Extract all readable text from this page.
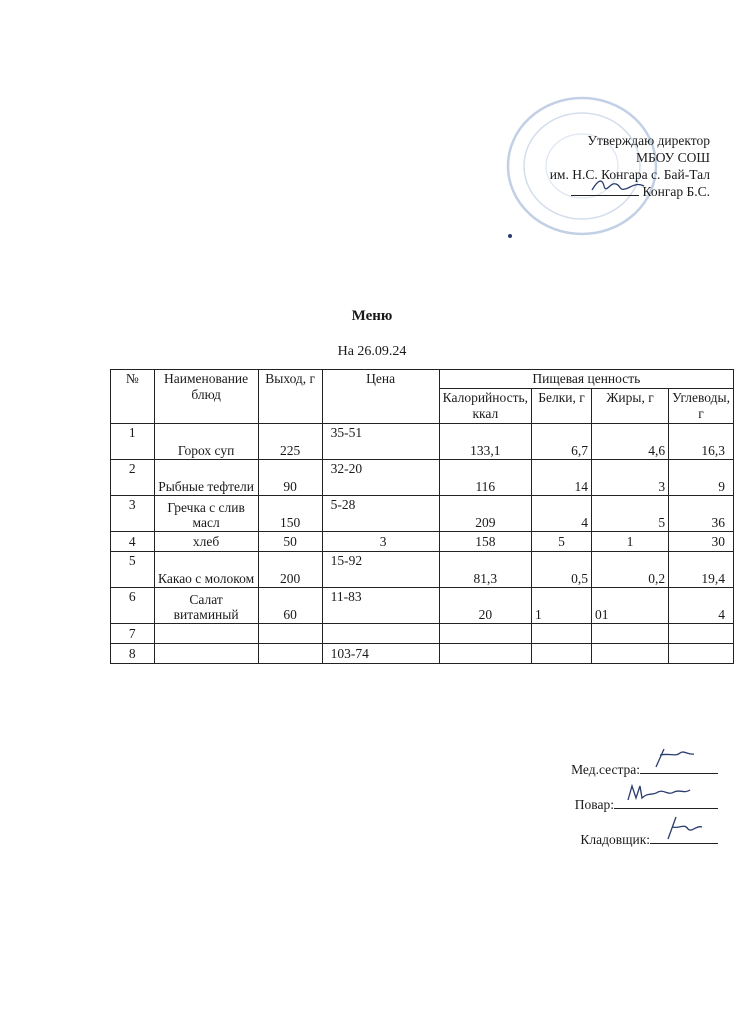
Утверждаю директор
МБОУ СОШ
им. Н.С. Конгара с. Бай-Тал
Конгар Б.С.
Меню
На 26.09.24
№	Наименование блюд	Выход, г	Цена	Пищевая ценность			
				Калорийность, ккал	Белки, г	Жиры, г	Углеводы, г
1	Горох суп	225	35-51	133,1	6,7	4,6	16,3
2	Рыбные тефтели	90	32-20	116	14	3	9
3	Гречка с слив масл	150	5-28	209	4	5	36
4	хлеб	50	3	158	5	1	30
5	Какао с молоком	200	15-92	81,3	0,5	0,2	19,4
6	Салат витаминый	60	11-83	20	1	01	4
7							
8			103-74				
Мед.сестра:
Повар:
Кладовщик:
